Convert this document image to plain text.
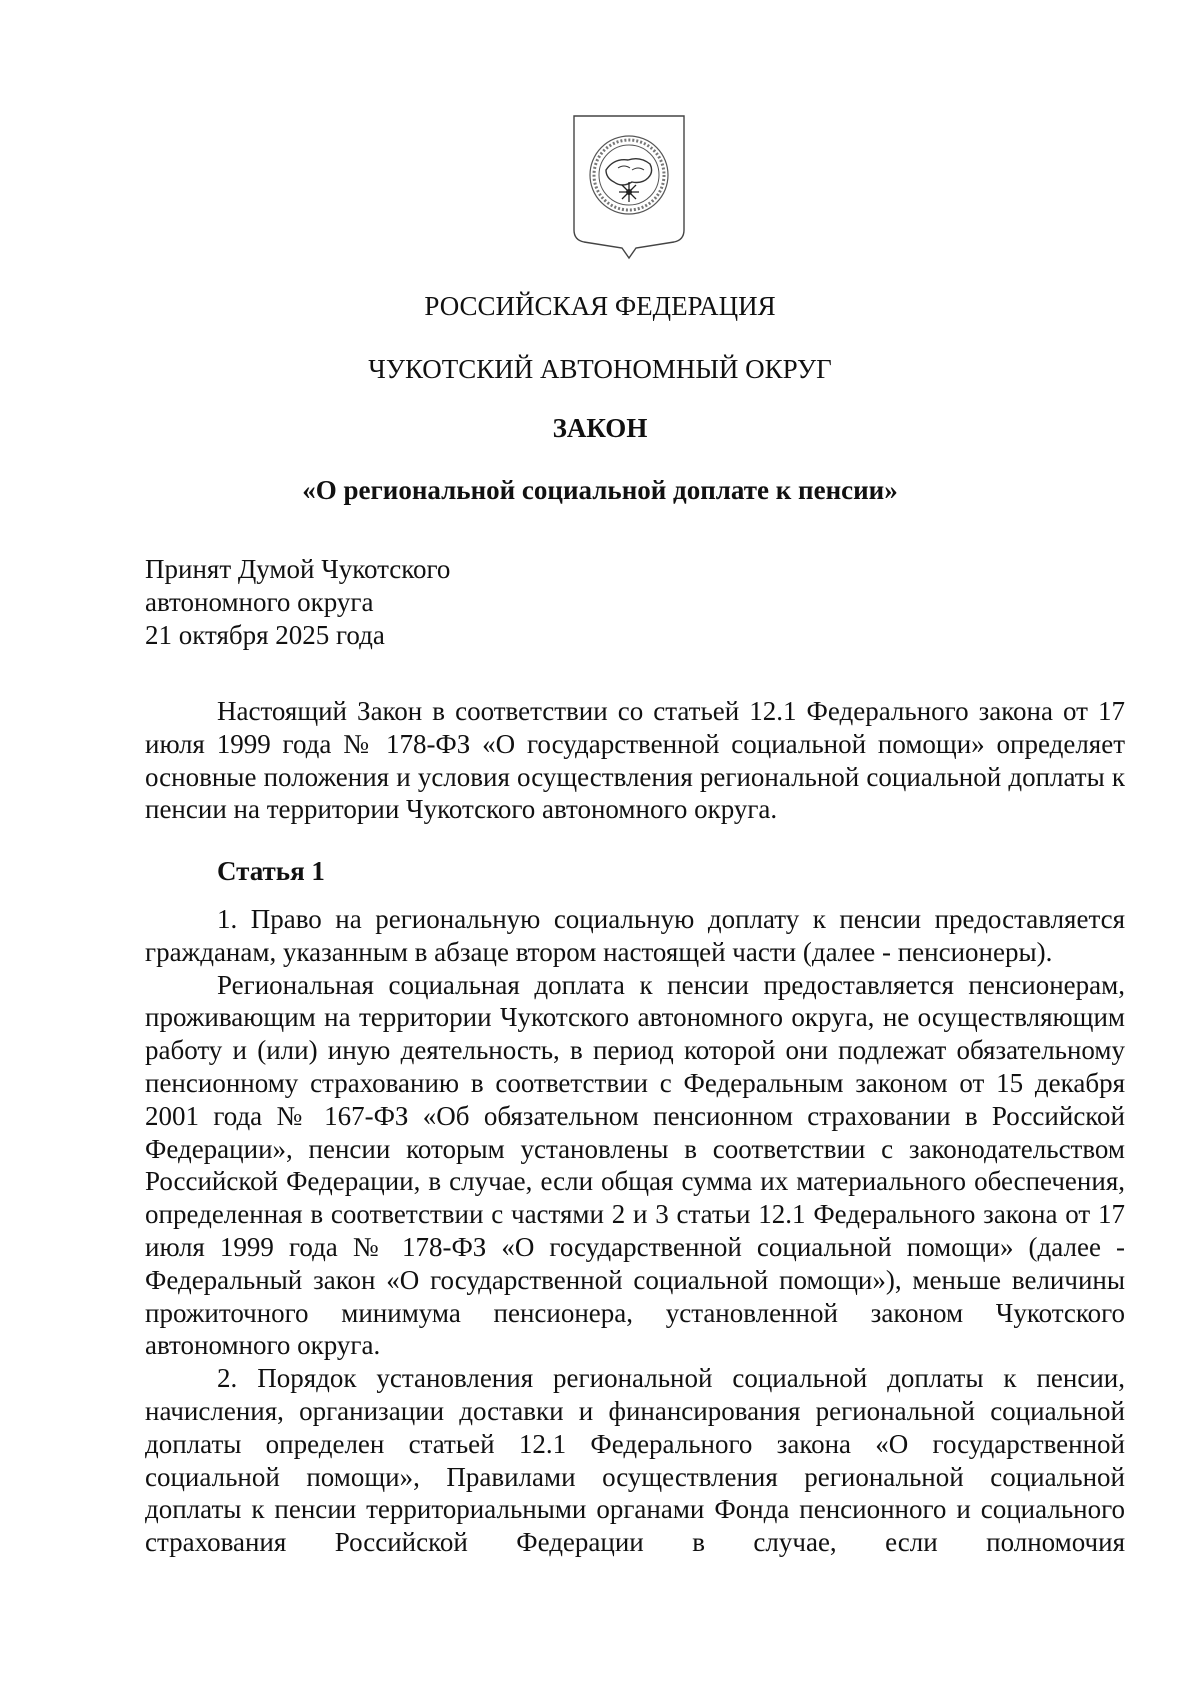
РОССИЙСКАЯ ФЕДЕРАЦИЯ
ЧУКОТСКИЙ АВТОНОМНЫЙ ОКРУГ
ЗАКОН
«О региональной социальной доплате к пенсии»
Принят Думой Чукотского
автономного округа
21 октября 2025 года

Настоящий Закон в соответствии со статьей 12.1 Федерального закона от 17 июля 1999 года № 178-ФЗ «О государственной социальной помощи» определяет основные положения и условия осуществления региональной социальной доплаты к пенсии на территории Чукотского автономного округа.

Статья 1

1. Право на региональную социальную доплату к пенсии предоставляется гражданам, указанным в абзаце втором настоящей части (далее - пенсионеры).

Региональная социальная доплата к пенсии предоставляется пенсионерам, проживающим на территории Чукотского автономного округа, не осуществляющим работу и (или) иную деятельность, в период которой они подлежат обязательному пенсионному страхованию в соответствии с Федеральным законом от 15 декабря 2001 года № 167-ФЗ «Об обязательном пенсионном страховании в Российской Федерации», пенсии которым установлены в соответствии с законодательством Российской Федерации, в случае, если общая сумма их материального обеспечения, определенная в соответствии с частями 2 и 3 статьи 12.1 Федерального закона от 17 июля 1999 года № 178-ФЗ «О государственной социальной помощи» (далее - Федеральный закон «О государственной социальной помощи»), меньше величины прожиточного минимума пенсионера, установленной законом Чукотского автономного округа.

2. Порядок установления региональной социальной доплаты к пенсии, начисления, организации доставки и финансирования региональной социальной доплаты определен статьей 12.1 Федерального закона «О государственной социальной помощи», Правилами осуществления региональной социальной доплаты к пенсии территориальными органами Фонда пенсионного и социального страхования Российской Федерации в случае, если полномочия
